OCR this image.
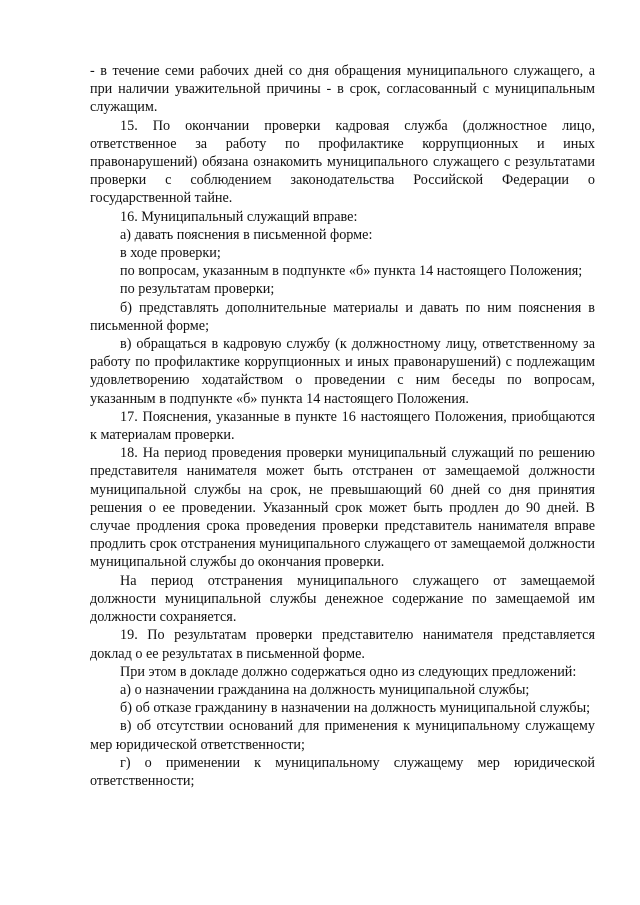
- в течение семи рабочих дней со дня обращения муниципального служащего, а при наличии уважительной причины - в срок, согласованный с муниципальным служащим.

15. По окончании проверки кадровая служба (должностное лицо, ответственное за работу по профилактике коррупционных и иных правонарушений) обязана ознакомить муниципального служащего с результатами проверки с соблюдением законодательства Российской Федерации о государственной тайне.

16. Муниципальный служащий вправе:

а) давать пояснения в письменной форме:

в ходе проверки;

по вопросам, указанным в подпункте «б» пункта 14 настоящего Положения;

по результатам проверки;

б) представлять дополнительные материалы и давать по ним пояснения в письменной форме;

в) обращаться в кадровую службу (к должностному лицу, ответственному за работу по профилактике коррупционных и иных правонарушений) с подлежащим удовлетворению ходатайством о проведении с ним беседы по вопросам, указанным в подпункте «б» пункта 14 настоящего Положения.

17. Пояснения, указанные в пункте 16 настоящего Положения, приобщаются к материалам проверки.

18. На период проведения проверки муниципальный служащий по решению представителя нанимателя может быть отстранен от замещаемой должности муниципальной службы на срок, не превышающий 60 дней со дня принятия решения о ее проведении. Указанный срок может быть продлен до 90 дней. В случае продления срока проведения проверки представитель нанимателя вправе продлить срок отстранения муниципального служащего от замещаемой должности муниципальной службы до окончания проверки.

На период отстранения муниципального служащего от замещаемой должности муниципальной службы денежное содержание по замещаемой им должности сохраняется.

19. По результатам проверки представителю нанимателя представляется доклад о ее результатах в письменной форме.

При этом в докладе должно содержаться одно из следующих предложений:

а) о назначении гражданина на должность муниципальной службы;

б) об отказе гражданину в назначении на должность муниципальной службы;

в) об отсутствии оснований для применения к муниципальному служащему мер юридической ответственности;

г) о применении к муниципальному служащему мер юридической ответственности;
